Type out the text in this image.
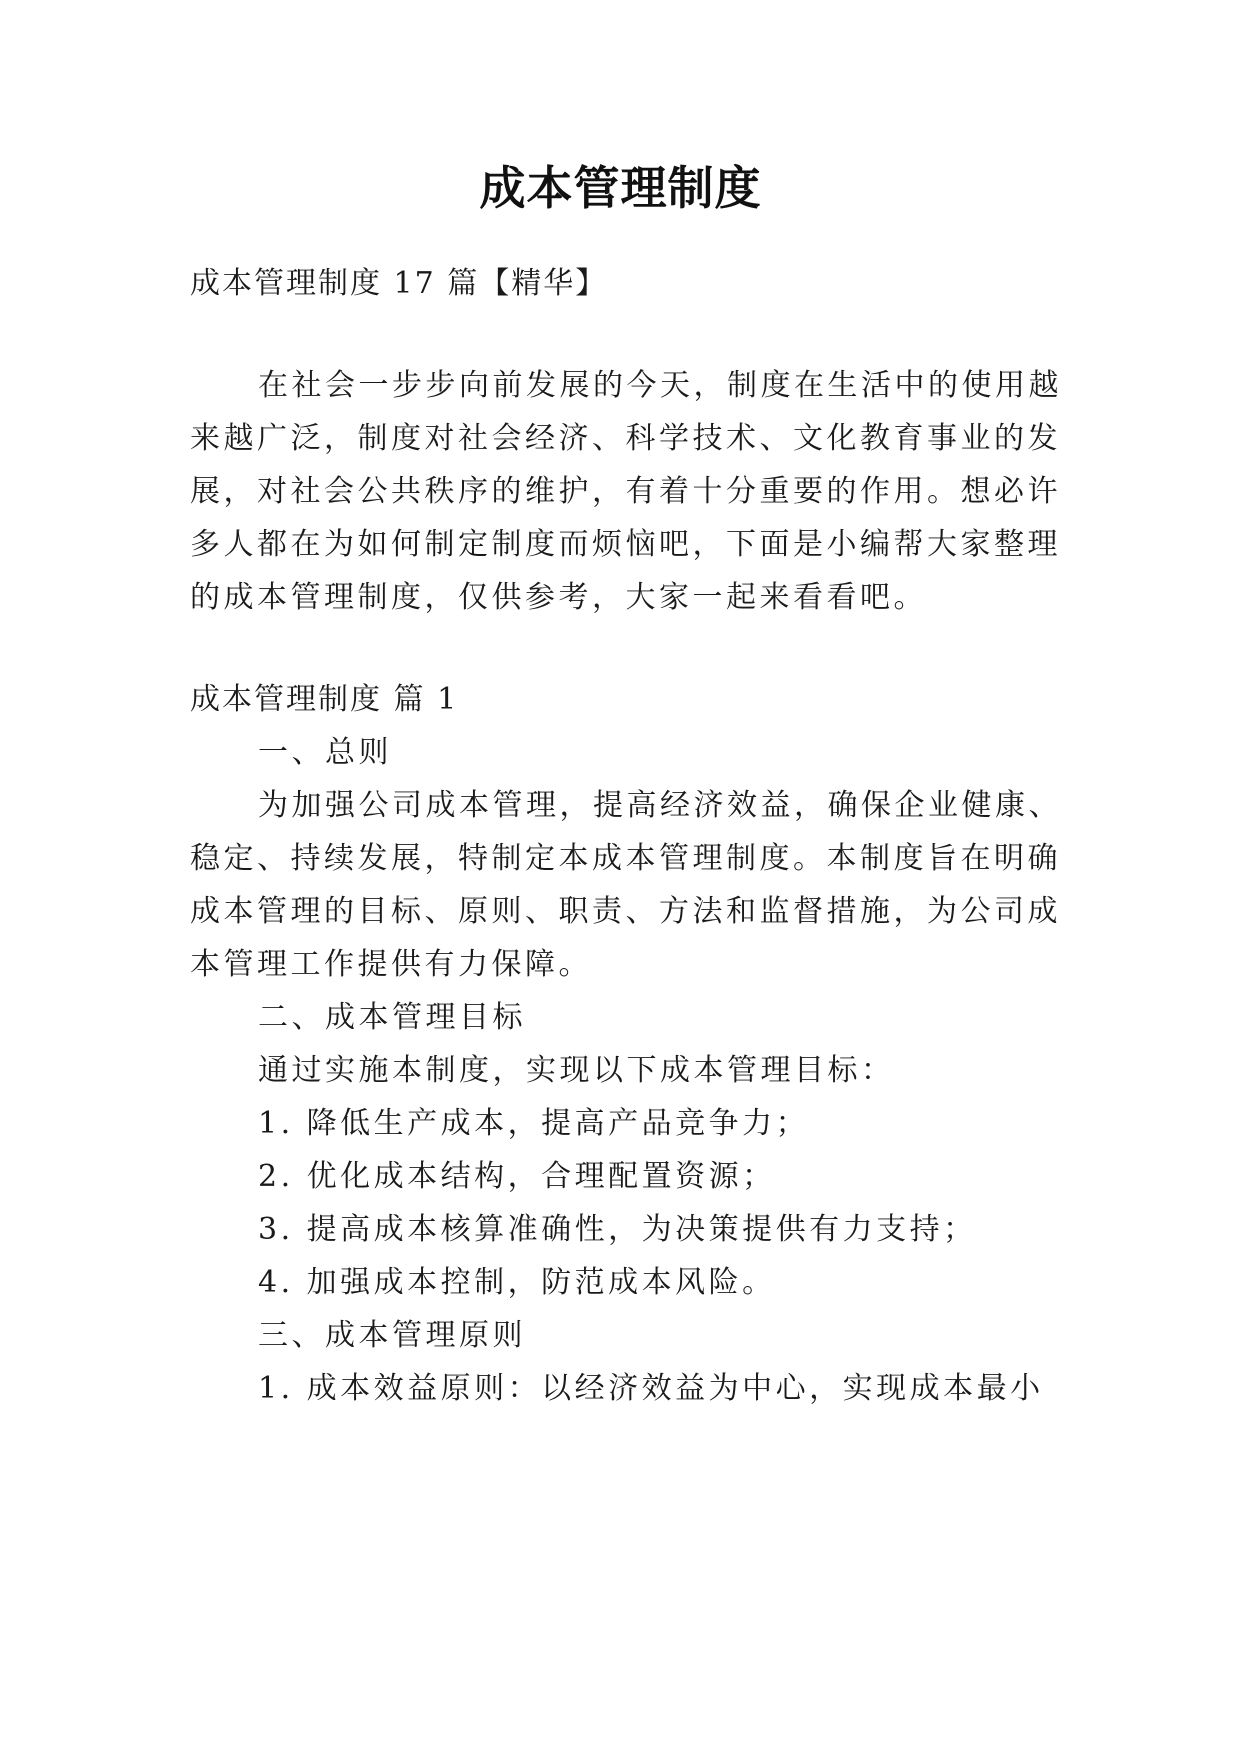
成本管理制度
成本管理制度 17 篇【精华】
在社会一步步向前发展的今天，制度在生活中的使用越
来越广泛，制度对社会经济、科学技术、文化教育事业的发
展，对社会公共秩序的维护，有着十分重要的作用。想必许
多人都在为如何制定制度而烦恼吧，下面是小编帮大家整理
的成本管理制度，仅供参考，大家一起来看看吧。
成本管理制度 篇 1
一、总则
为加强公司成本管理，提高经济效益，确保企业健康、
稳定、持续发展，特制定本成本管理制度。本制度旨在明确
成本管理的目标、原则、职责、方法和监督措施，为公司成
本管理工作提供有力保障。
二、成本管理目标
通过实施本制度，实现以下成本管理目标：
1. 降低生产成本，提高产品竞争力；
2. 优化成本结构，合理配置资源；
3. 提高成本核算准确性，为决策提供有力支持；
4. 加强成本控制，防范成本风险。
三、成本管理原则
1. 成本效益原则：以经济效益为中心，实现成本最小
